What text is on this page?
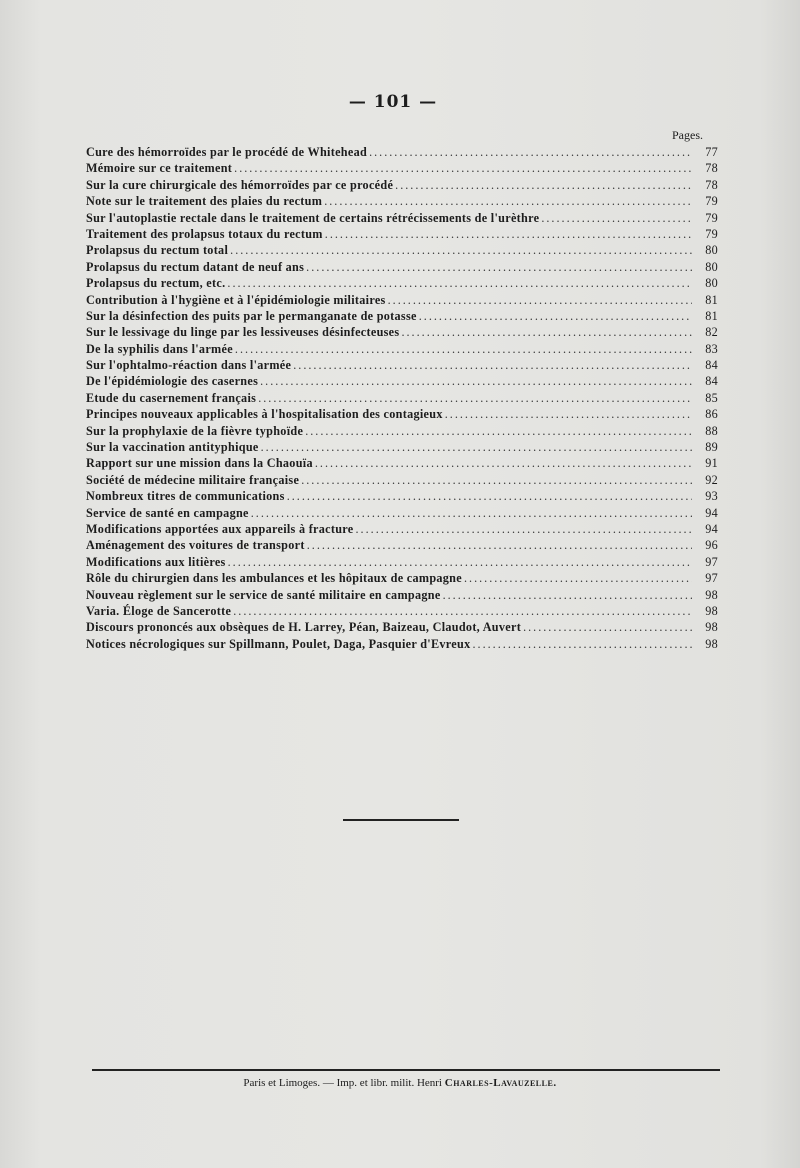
— 101 —
Pages.
Cure des hémorroïdes par le procédé de Whitehead .....	77
Mémoire sur ce traitement .....	78
Sur la cure chirurgicale des hémorroïdes par ce procédé .....	78
Note sur le traitement des plaies du rectum .....	79
Sur l'autoplastie rectale dans le traitement de certains rétrécissements de l'urèthre .....	79
Traitement des prolapsus totaux du rectum .....	79
Prolapsus du rectum total .....	80
Prolapsus du rectum datant de neuf ans .....	80
Prolapsus du rectum, etc. .....	80
Contribution à l'hygiène et à l'épidémiologie militaires .....	81
Sur la désinfection des puits par le permanganate de potasse .....	81
Sur le lessivage du linge par les lessiveuses désinfecteuses .....	82
De la syphilis dans l'armée .....	83
Sur l'ophtalmo-réaction dans l'armée .....	84
De l'épidémiologie des casernes .....	84
Etude du casernement français .....	85
Principes nouveaux applicables à l'hospitalisation des contagieux .....	86
Sur la prophylaxie de la fièvre typhoïde .....	88
Sur la vaccination antityphique .....	89
Rapport sur une mission dans la Chaouïa .....	91
Société de médecine militaire française .....	92
Nombreux titres de communications .....	93
Service de santé en campagne .....	94
Modifications apportées aux appareils à fracture .....	94
Aménagement des voitures de transport .....	96
Modifications aux litières .....	97
Rôle du chirurgien dans les ambulances et les hôpitaux de campagne .....	97
Nouveau règlement sur le service de santé militaire en campagne .....	98
Varia. Éloge de Sancerotte .....	98
Discours prononcés aux obsèques de H. Larrey, Péan, Baizeau, Claudot, Auvert .....	98
Notices nécrologiques sur Spillmann, Poulet, Daga, Pasquier d'Evreux .....	98
Paris et Limoges. — Imp. et libr. milit. Henri Charles-Lavauzelle.
